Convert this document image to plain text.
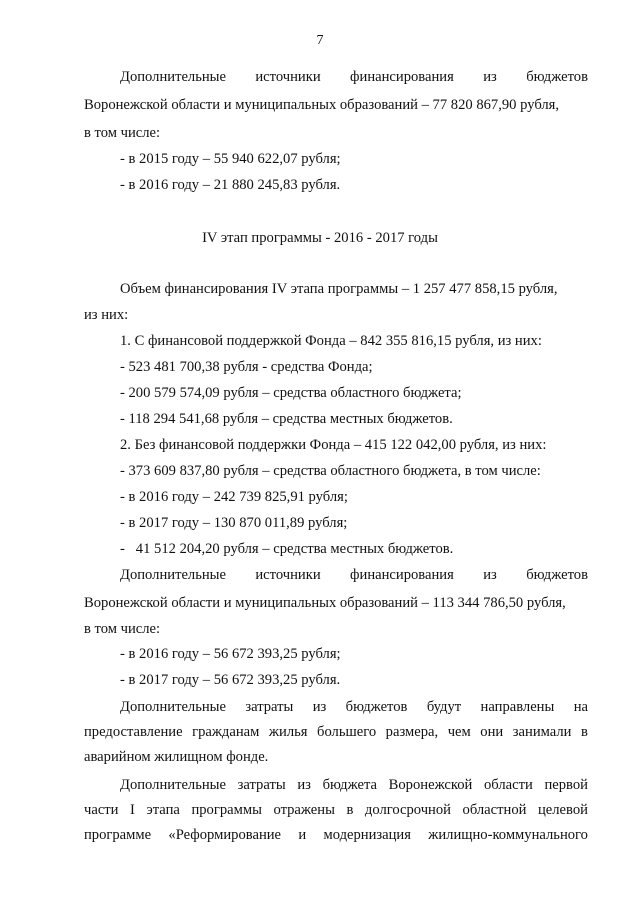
7
Дополнительные источники финансирования из бюджетов
Воронежской области и муниципальных образований – 77 820 867,90 рубля,
в том числе:
- в 2015 году – 55 940 622,07 рубля;
- в 2016 году – 21 880 245,83 рубля.
IV этап программы - 2016 - 2017 годы
Объем финансирования IV этапа программы – 1 257 477 858,15 рубля,
из них:
1. С финансовой поддержкой Фонда – 842 355 816,15 рубля, из них:
- 523 481 700,38 рубля - средства Фонда;
- 200 579 574,09 рубля – средства областного бюджета;
- 118 294 541,68 рубля – средства местных бюджетов.
2. Без финансовой поддержки Фонда – 415 122 042,00 рубля, из них:
- 373 609 837,80 рубля – средства областного бюджета, в том числе:
- в 2016 году – 242 739 825,91 рубля;
- в 2017 году – 130 870 011,89 рубля;
-   41 512 204,20 рубля – средства местных бюджетов.
Дополнительные источники финансирования из бюджетов
Воронежской области и муниципальных образований – 113 344 786,50 рубля,
в том числе:
- в 2016 году – 56 672 393,25 рубля;
- в 2017 году – 56 672 393,25 рубля.
Дополнительные затраты из бюджетов будут направлены на
предоставление гражданам жилья большего размера, чем они занимали в
аварийном жилищном фонде.
Дополнительные затраты из бюджета Воронежской области первой
части I этапа программы отражены в долгосрочной областной целевой
программе «Реформирование и модернизация жилищно-коммунального
